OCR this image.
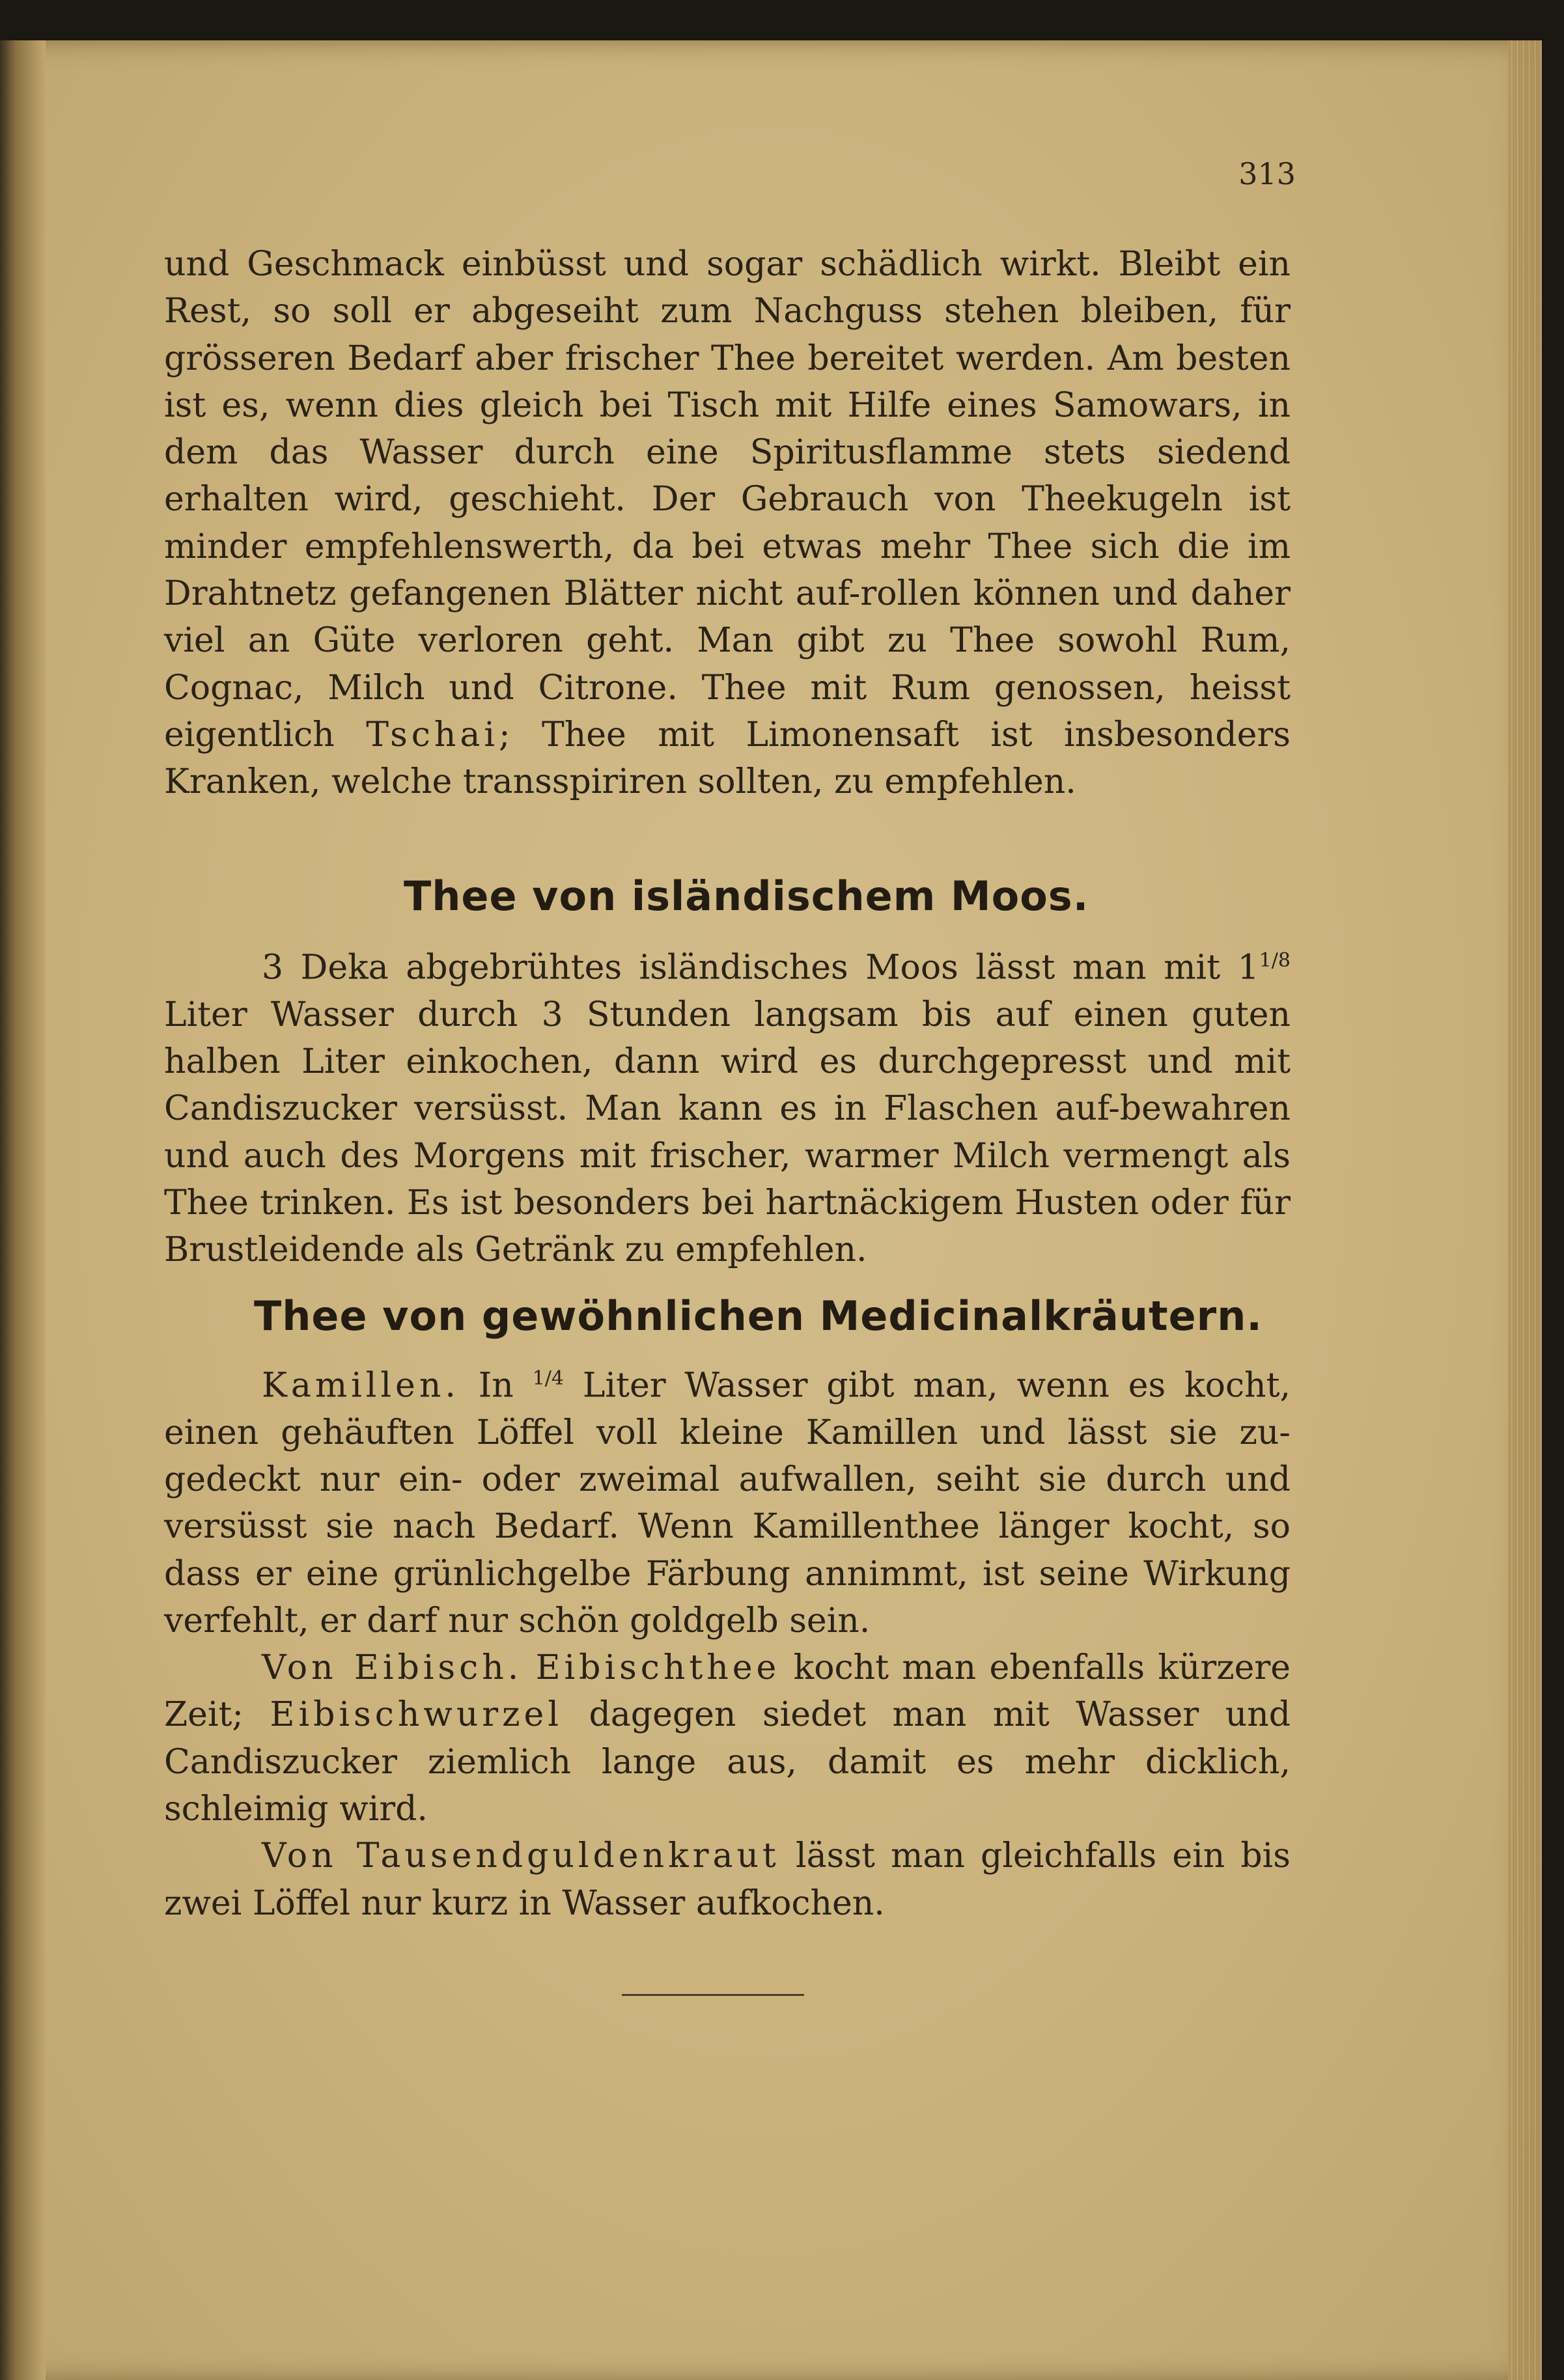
313

und Geschmack einbüsst und sogar schädlich wirkt. Bleibt ein Rest, so soll er abgeseiht zum Nachguss stehen bleiben, für grösseren Bedarf aber frischer Thee bereitet werden. Am besten ist es, wenn dies gleich bei Tisch mit Hilfe eines Samowars, in dem das Wasser durch eine Spiritusflamme stets siedend erhalten wird, geschieht. Der Gebrauch von Theekugeln ist minder empfehlenswerth, da bei etwas mehr Thee sich die im Drahtnetz gefangenen Blätter nicht auf-rollen können und daher viel an Güte verloren geht. Man gibt zu Thee sowohl Rum, Cognac, Milch und Citrone. Thee mit Rum genossen, heisst eigentlich Tschai; Thee mit Limonensaft ist insbesonders Kranken, welche transspiriren sollten, zu empfehlen.

Thee von isländischem Moos.

3 Deka abgebrühtes isländisches Moos lässt man mit $1^{1/8}$ Liter Wasser durch 3 Stunden langsam bis auf einen guten halben Liter einkochen, dann wird es durchgepresst und mit Candiszucker versüsst. Man kann es in Flaschen auf-bewahren und auch des Morgens mit frischer, warmer Milch vermengt als Thee trinken. Es ist besonders bei hartnäckigem Husten oder für Brustleidende als Getränk zu empfehlen.

Thee von gewöhnlichen Medicinalkräutern.

Kamillen. In $^{1/4}$ Liter Wasser gibt man, wenn es kocht, einen gehäuften Löffel voll kleine Kamillen und lässt sie zu-gedeckt nur ein- oder zweimal aufwallen, seiht sie durch und versüsst sie nach Bedarf. Wenn Kamillenthee länger kocht, so dass er eine grünlichgelbe Färbung annimmt, ist seine Wirkung verfehlt, er darf nur schön goldgelb sein.

Von Eibisch. Eibischthee kocht man ebenfalls kürzere Zeit; Eibischwurzel dagegen siedet man mit Wasser und Candiszucker ziemlich lange aus, damit es mehr dicklich, schleimig wird.

Von Tausendguldenkraut lässt man gleichfalls ein bis zwei Löffel nur kurz in Wasser aufkochen.
